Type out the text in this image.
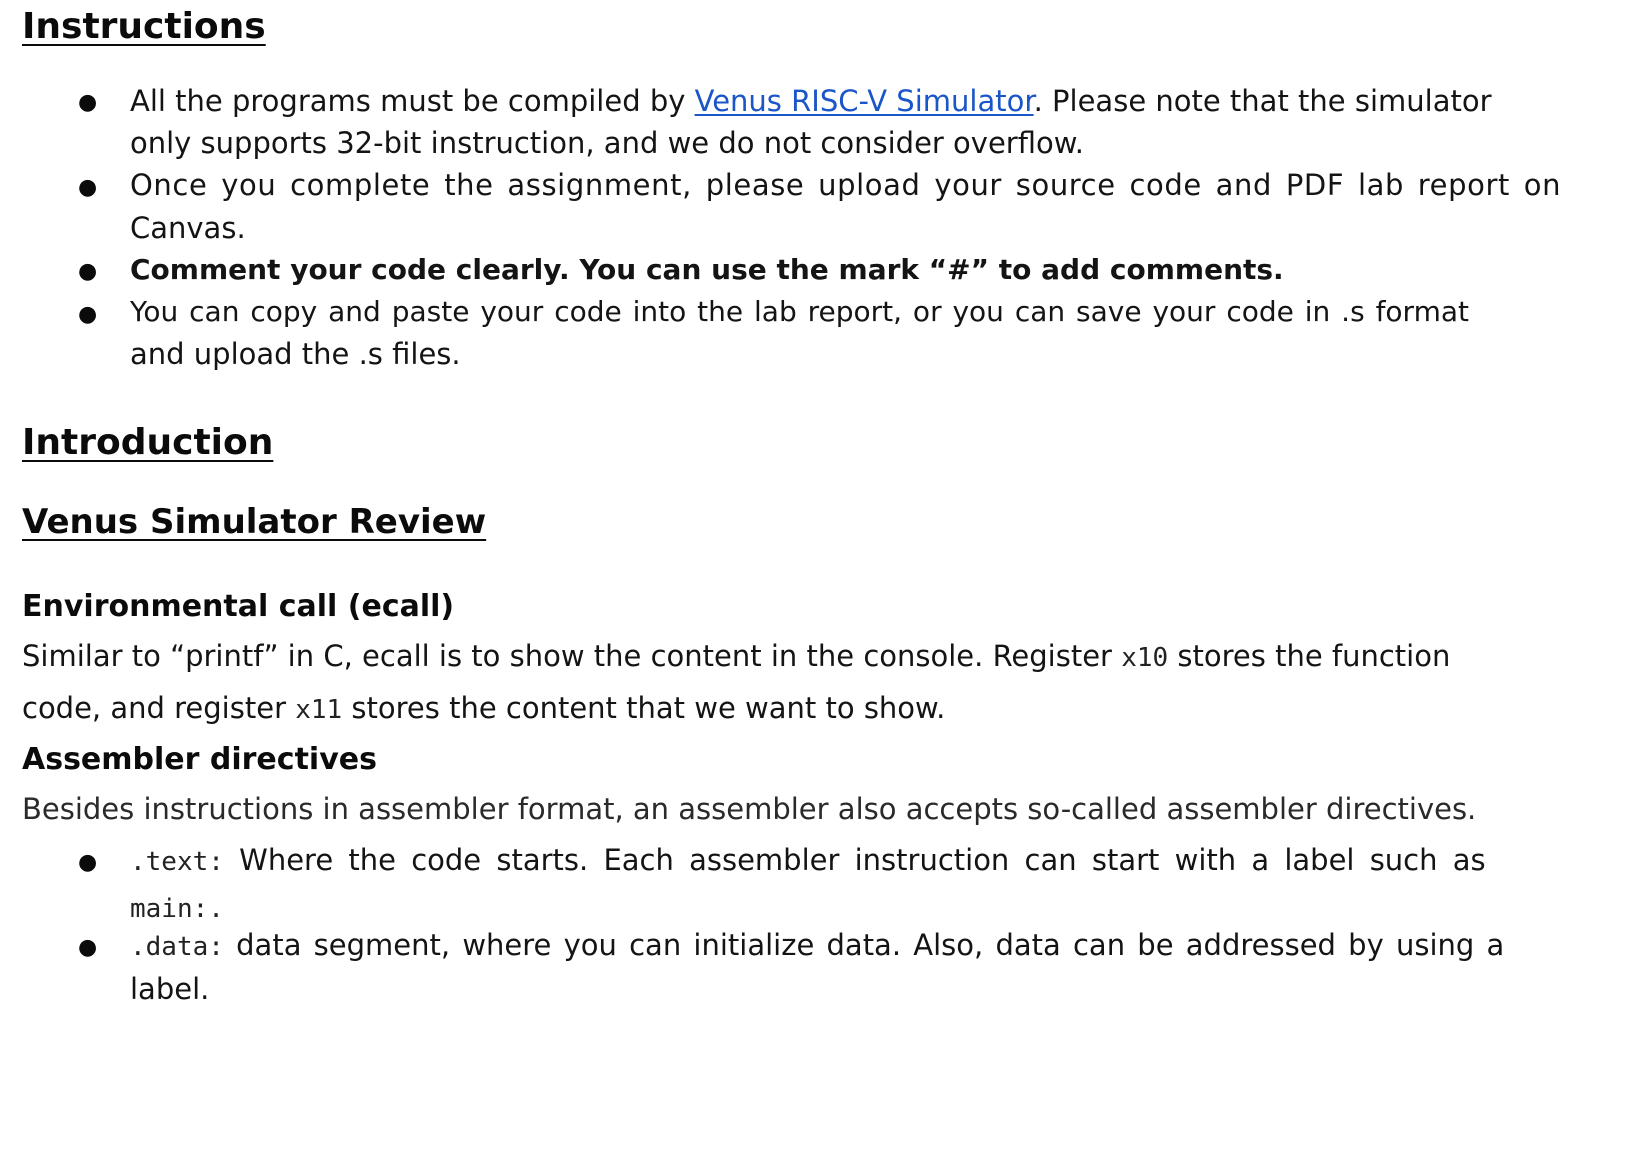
Instructions
● All the programs must be compiled by Venus RISC-V Simulator. Please note that the simulator
only supports 32-bit instruction, and we do not consider overflow.
● Once you complete the assignment, please upload your source code and PDF lab report on
Canvas.
● Comment your code clearly. You can use the mark “#” to add comments.
● You can copy and paste your code into the lab report, or you can save your code in .s format
and upload the .s files.
Introduction
Venus Simulator Review
Environmental call (ecall)

Similar to “printf” in C, ecall is to show the content in the console. Register x10 stores the function

code, and register x11 stores the content that we want to show.

Assembler directives

Besides instructions in assembler format, an assembler also accepts so-called assembler directives.

● .text: Where the code starts. Each assembler instruction can start with a label such as
main:.
● .data: data segment, where you can initialize data. Also, data can be addressed by using a
label.
